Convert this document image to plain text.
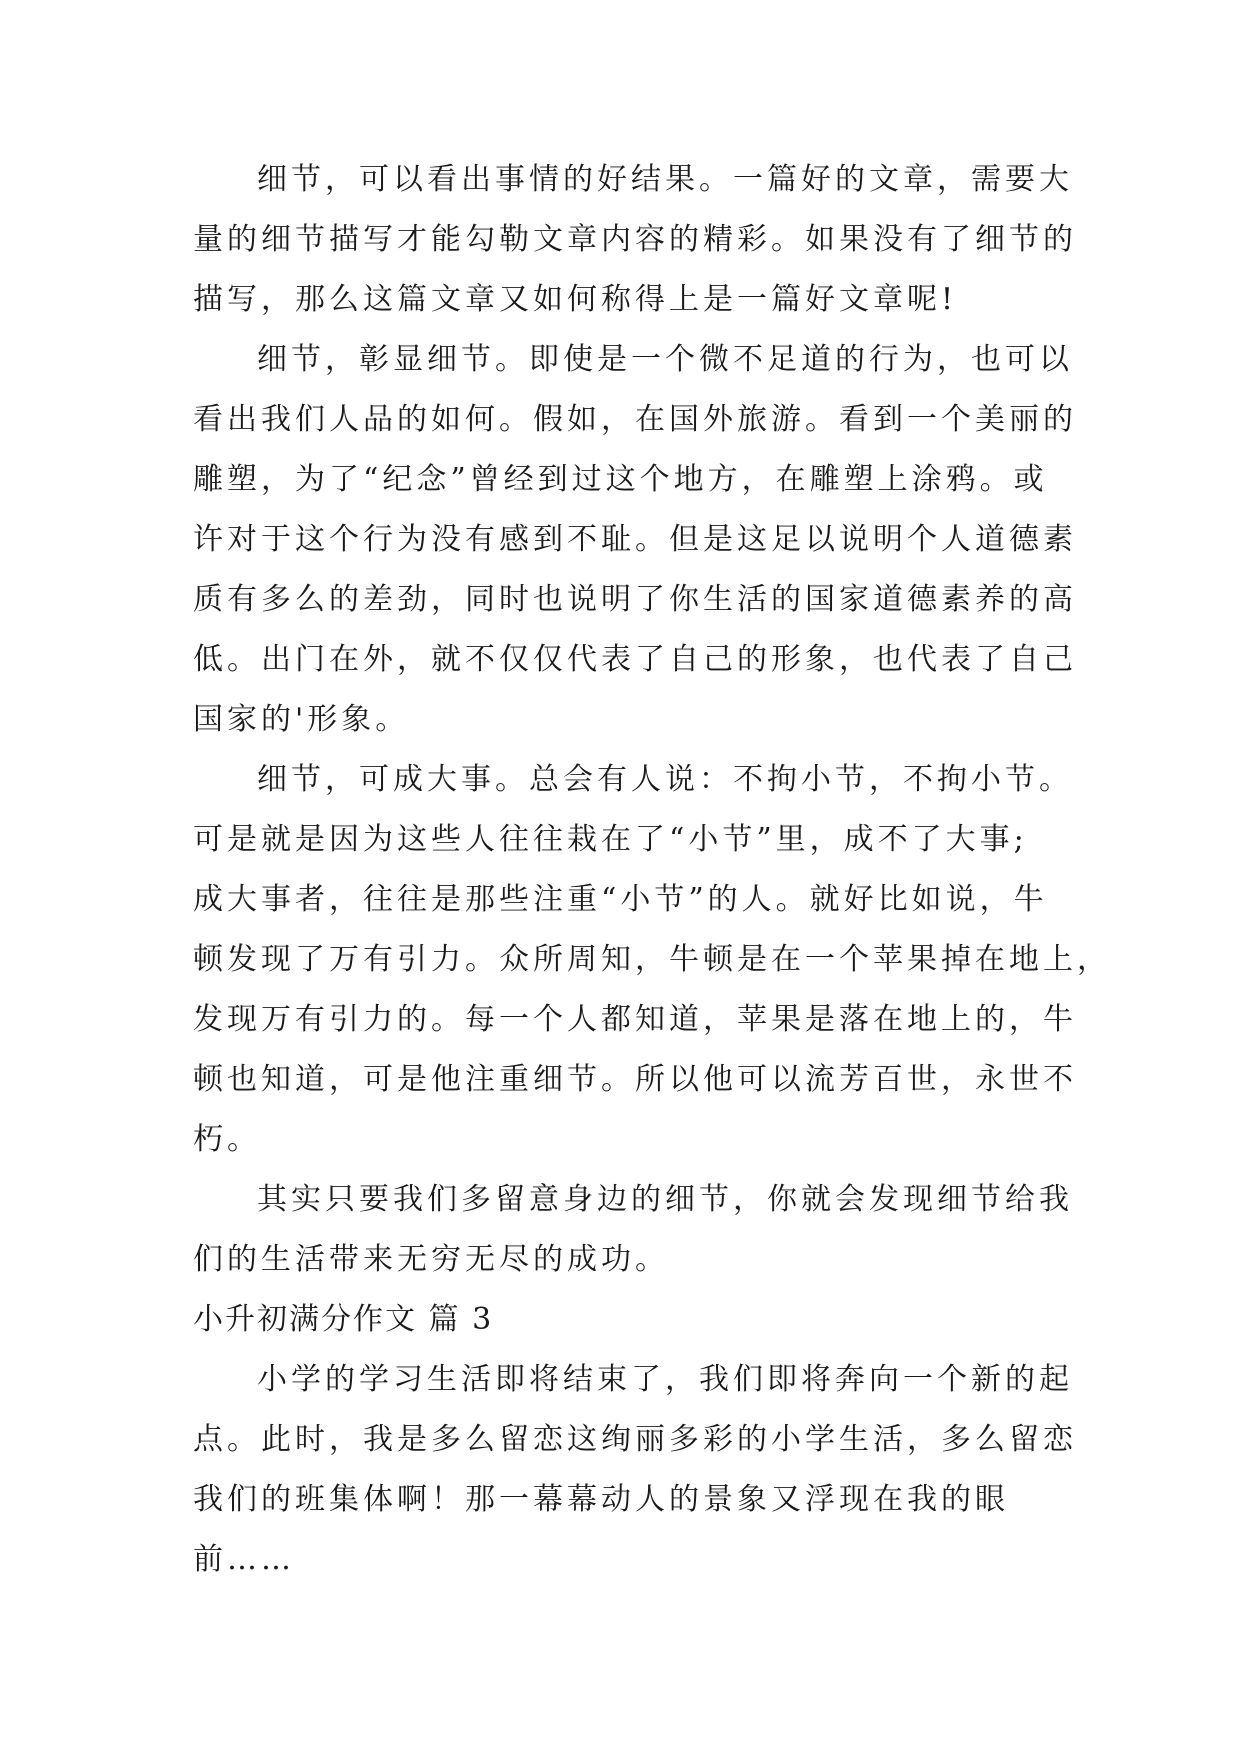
细节，可以看出事情的好结果。一篇好的文章，需要大
量的细节描写才能勾勒文章内容的精彩。如果没有了细节的
描写，那么这篇文章又如何称得上是一篇好文章呢!
细节，彰显细节。即使是一个微不足道的行为，也可以
看出我们人品的如何。假如，在国外旅游。看到一个美丽的
雕塑，为了“纪念”曾经到过这个地方，在雕塑上涂鸦。或
许对于这个行为没有感到不耻。但是这足以说明个人道德素
质有多么的差劲，同时也说明了你生活的国家道德素养的高
低。出门在外，就不仅仅代表了自己的形象，也代表了自己
国家的'形象。
细节，可成大事。总会有人说：不拘小节，不拘小节。
可是就是因为这些人往往栽在了“小节”里，成不了大事;
成大事者，往往是那些注重“小节”的人。就好比如说，牛
顿发现了万有引力。众所周知，牛顿是在一个苹果掉在地上，
发现万有引力的。每一个人都知道，苹果是落在地上的，牛
顿也知道，可是他注重细节。所以他可以流芳百世，永世不
朽。
其实只要我们多留意身边的细节，你就会发现细节给我
们的生活带来无穷无尽的成功。
小升初满分作文 篇 3
小学的学习生活即将结束了，我们即将奔向一个新的起
点。此时，我是多么留恋这绚丽多彩的小学生活，多么留恋
我们的班集体啊！那一幕幕动人的景象又浮现在我的眼
前……
